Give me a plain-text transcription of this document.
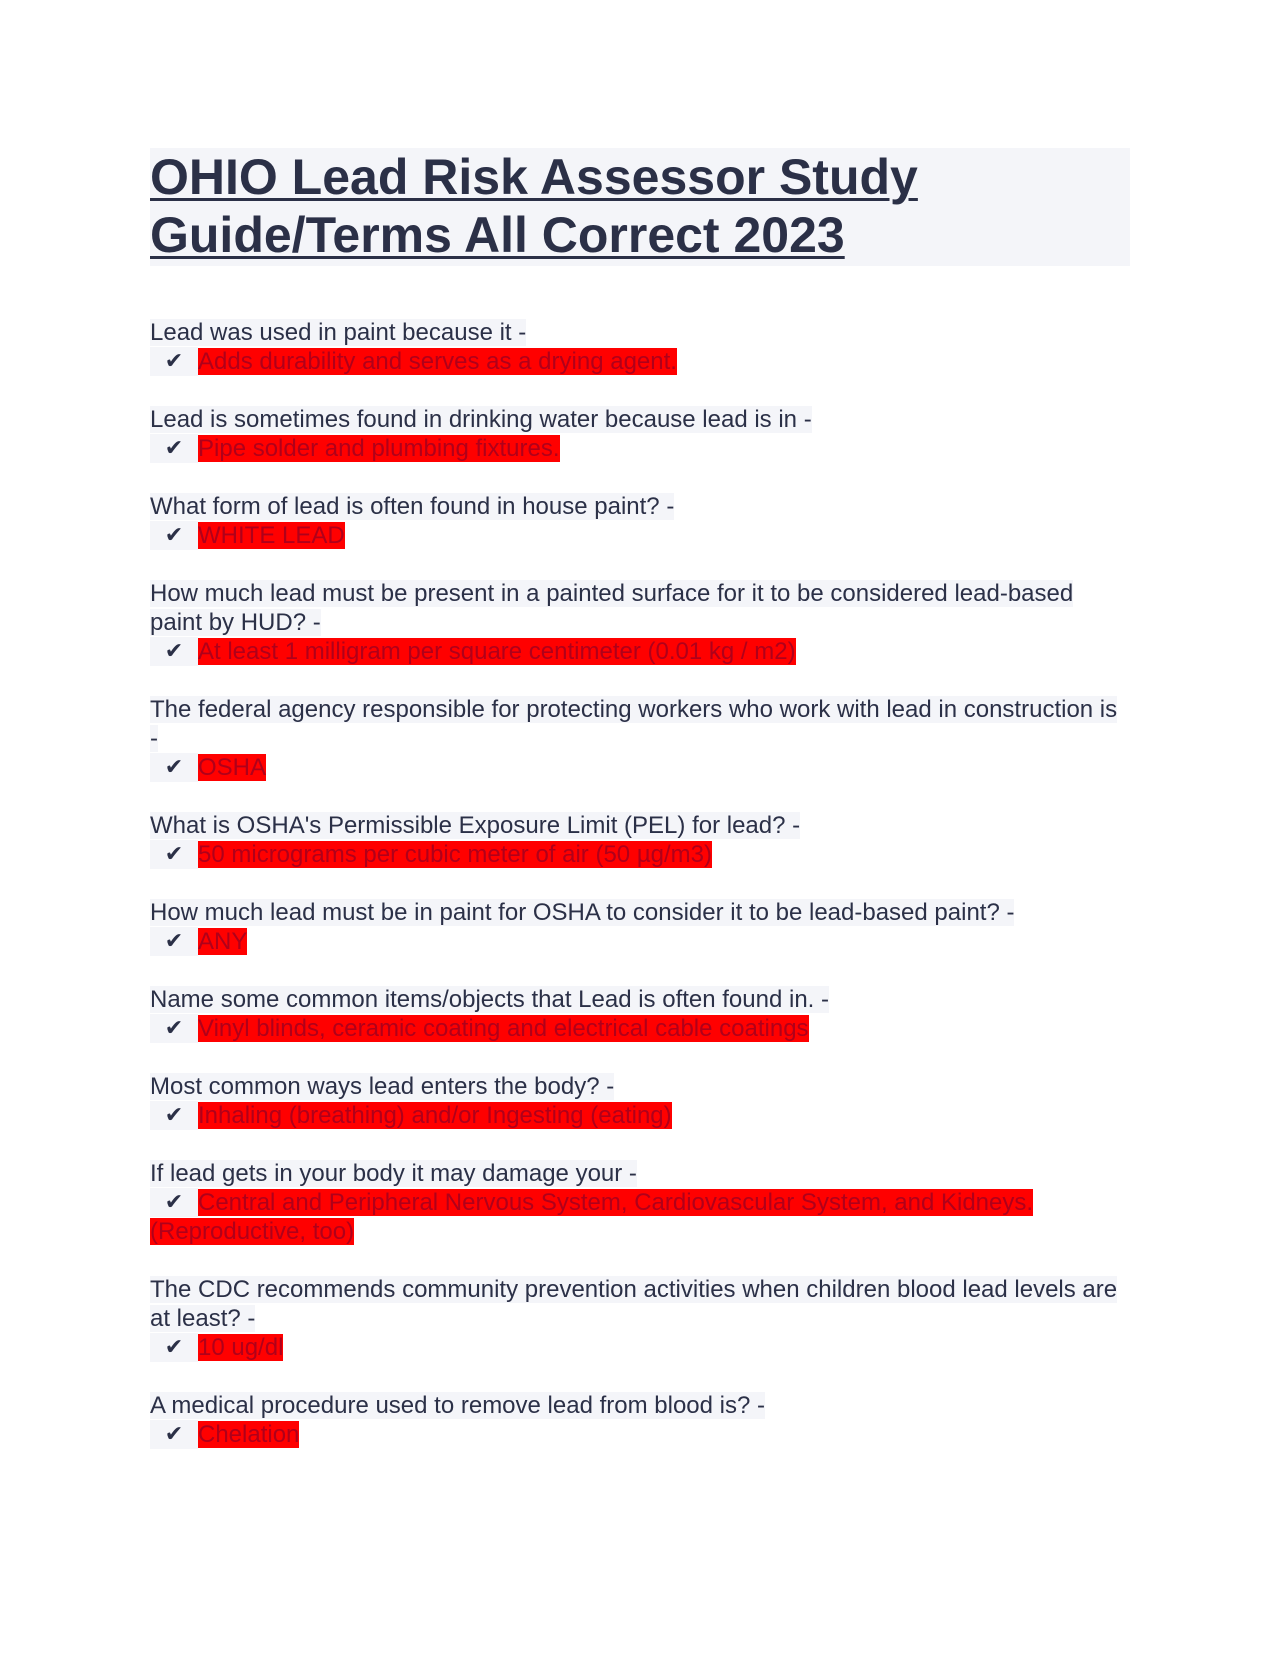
OHIO Lead Risk Assessor Study Guide/Terms All Correct 2023
Lead was used in paint because it -
✔ Adds durability and serves as a drying agent.
Lead is sometimes found in drinking water because lead is in -
✔ Pipe solder and plumbing fixtures.
What form of lead is often found in house paint? -
✔ WHITE LEAD
How much lead must be present in a painted surface for it to be considered lead-based paint by HUD? -
✔ At least 1 milligram per square centimeter (0.01 kg / m2)
The federal agency responsible for protecting workers who work with lead in construction is -
✔ OSHA
What is OSHA's Permissible Exposure Limit (PEL) for lead? -
✔ 50 micrograms per cubic meter of air (50 µg/m3)
How much lead must be in paint for OSHA to consider it to be lead-based paint? -
✔ ANY
Name some common items/objects that Lead is often found in. -
✔ Vinyl blinds, ceramic coating and electrical cable coatings
Most common ways lead enters the body? -
✔ Inhaling (breathing) and/or Ingesting (eating)
If lead gets in your body it may damage your -
✔ Central and Peripheral Nervous System, Cardiovascular System, and Kidneys. (Reproductive, too)
The CDC recommends community prevention activities when children blood lead levels are at least? -
✔ 10 ug/dl
A medical procedure used to remove lead from blood is? -
✔ Chelation
